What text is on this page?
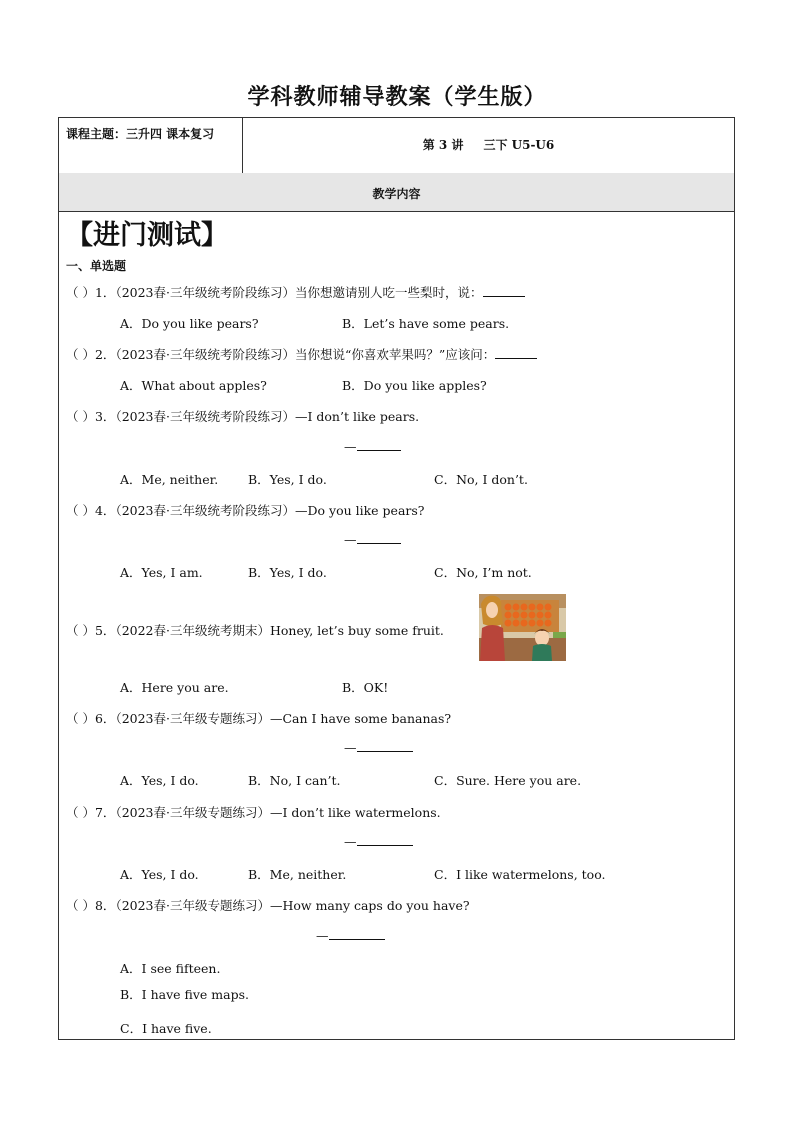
学科教师辅导教案（学生版）
课程主题：三升四 课本复习
第 3 讲 三下 U5-U6
教学内容
【进门测试】
一、单选题
（ ）1．（2023春·三年级统考阶段练习）当你想邀请别人吃一些梨时，说：
A．Do you like pears?	B．Let’s have some pears.
（ ）2．（2023春·三年级统考阶段练习）当你想说“你喜欢苹果吗？”应该问：
A．What about apples?	B．Do you like apples?
（ ）3．（2023春·三年级统考阶段练习）—I don’t like pears.
—
A．Me, neither. B．Yes, I do.	C．No, I don’t.
（ ）4．（2023春·三年级统考阶段练习）—Do you like pears?
—
A．Yes, I am.	B．Yes, I do.	C．No, I’m not.
（ ）5．（2022春·三年级统考期末）Honey, let’s buy some fruit.
A．Here you are.	B．OK!
（ ）6．（2023春·三年级专题练习）—Can I have some bananas?
—
A．Yes, I do.	B．No, I can’t.	C．Sure. Here you are.
（ ）7．（2023春·三年级专题练习）—I don’t like watermelons.
—
A．Yes, I do.	B．Me, neither.	C．I like watermelons, too.
（ ）8．（2023春·三年级专题练习）—How many caps do you have?
—
A．I see fifteen.
B．I have five maps.
C．I have five.
